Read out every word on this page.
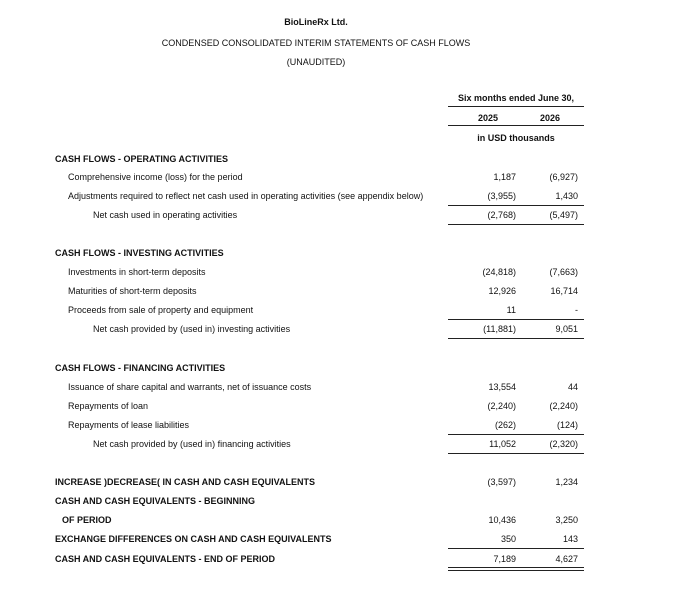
BioLineRx Ltd.
CONDENSED CONSOLIDATED INTERIM STATEMENTS OF CASH FLOWS
(UNAUDITED)
Six months ended June 30,
2025	2026
in USD thousands
CASH FLOWS - OPERATING ACTIVITIES
Comprehensive income (loss) for the period	1,187	(6,927)
Adjustments required to reflect net cash used in operating activities (see appendix below)	(3,955)	1,430
Net cash used in operating activities	(2,768)	(5,497)
CASH FLOWS - INVESTING ACTIVITIES
Investments in short-term deposits	(24,818)	(7,663)
Maturities of short-term deposits	12,926	16,714
Proceeds from sale of property and equipment	11	-
Net cash provided by (used in) investing activities	(11,881)	9,051
CASH FLOWS - FINANCING ACTIVITIES
Issuance of share capital and warrants, net of issuance costs	13,554	44
Repayments of loan	(2,240)	(2,240)
Repayments of lease liabilities	(262)	(124)
Net cash provided by (used in) financing activities	11,052	(2,320)
INCREASE )DECREASE( IN CASH AND CASH EQUIVALENTS	(3,597)	1,234
CASH AND CASH EQUIVALENTS - BEGINNING
OF PERIOD	10,436	3,250
EXCHANGE DIFFERENCES ON CASH AND CASH EQUIVALENTS	350	143
CASH AND CASH EQUIVALENTS - END OF PERIOD	7,189	4,627
